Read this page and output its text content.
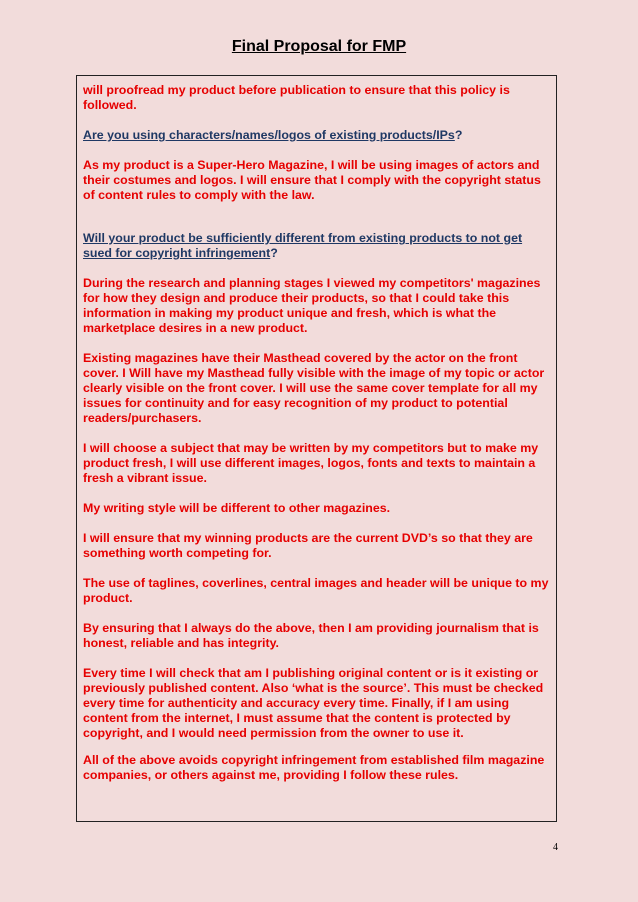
Final Proposal for FMP

will proofread my product before publication to ensure that this policy is followed.

Are you using characters/names/logos of existing products/IPs?

As my product is a Super-Hero Magazine, I will be using images of actors and their costumes and logos. I will ensure that I comply with the copyright status of content rules to comply with the law.

Will your product be sufficiently different from existing products to not get sued for copyright infringement?

During the research and planning stages I viewed my competitors' magazines for how they design and produce their products, so that I could take this information in making my product unique and fresh, which is what the marketplace desires in a new product.

Existing magazines have their Masthead covered by the actor on the front cover. I Will have my Masthead fully visible with the image of my topic or actor clearly visible on the front cover. I will use the same cover template for all my issues for continuity and for easy recognition of my product to potential readers/purchasers.

I will choose a subject that may be written by my competitors but to make my product fresh, I will use different images, logos, fonts and texts to maintain a fresh a vibrant issue.

My writing style will be different to other magazines.

I will ensure that my winning products are the current DVD’s so that they are something worth competing for.

The use of taglines, coverlines, central images and header will be unique to my product.

By ensuring that I always do the above, then I am providing journalism that is honest, reliable and has integrity.

Every time I will check that am I publishing original content or is it existing or previously published content. Also ‘what is the source’. This must be checked every time for authenticity and accuracy every time. Finally, if I am using content from the internet, I must assume that the content is protected by copyright, and I would need permission from the owner to use it.

All of the above avoids copyright infringement from established film magazine companies, or others against me, providing I follow these rules.

4
